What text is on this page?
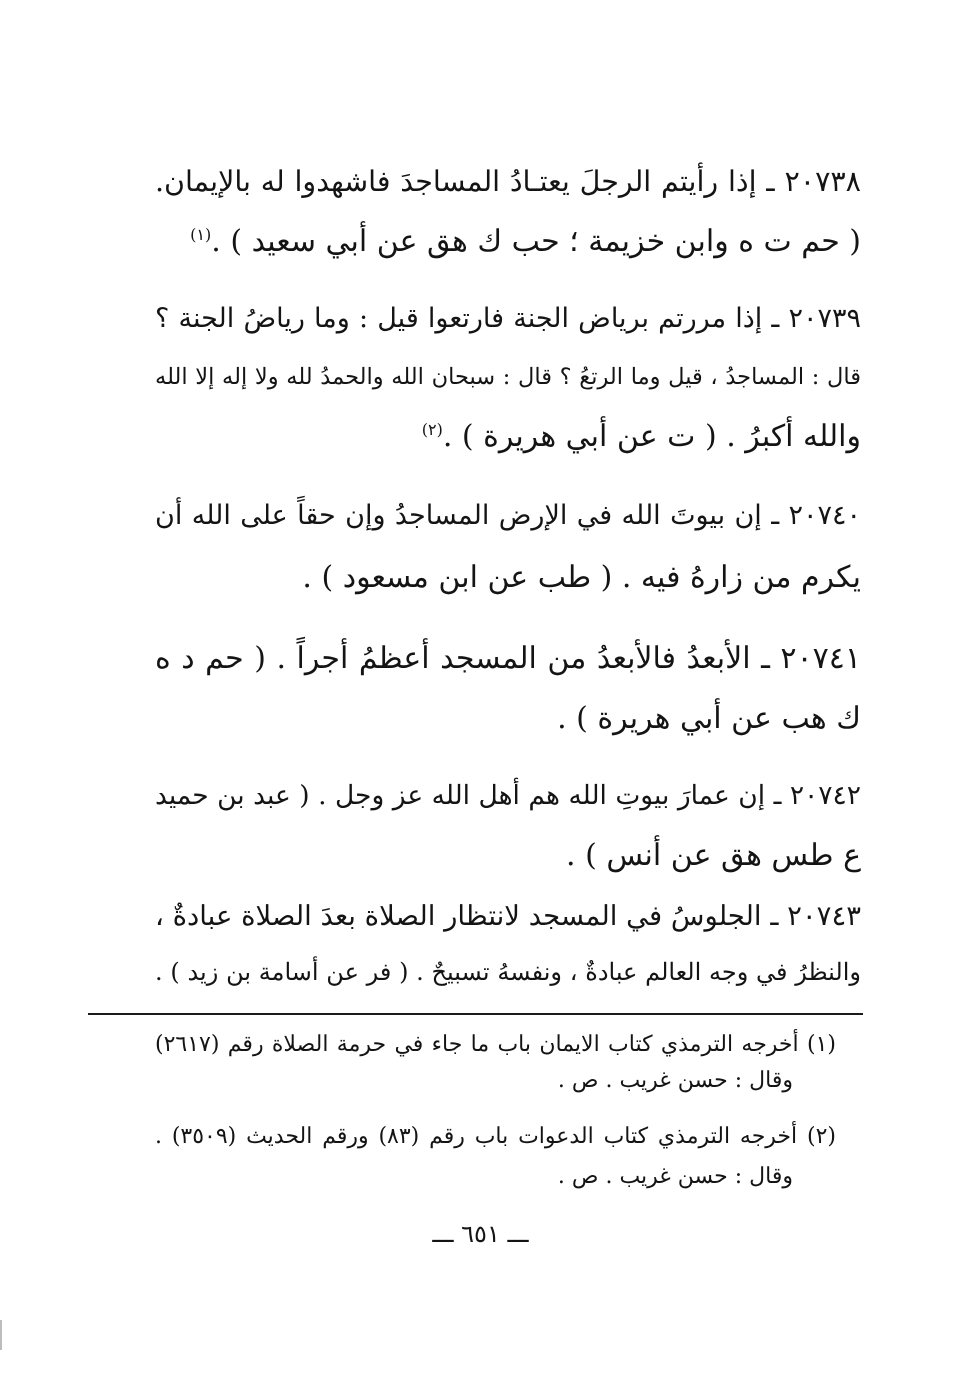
٢٠٧٣٨ ـ إذا رأيتم الرجلَ يعتـادُ المساجدَ فاشهدوا له بالإيمان.
( حم ت ه وابن خزيمة ؛ حب ك هق عن أبي سعيد ) .$^{(١)}$
٢٠٧٣٩ ـ إذا مررتم برياض الجنة فارتعوا قيل : وما رياضُ الجنة ؟
قال : المساجدُ ، قيل وما الرتعُ ؟ قال : سبحان الله والحمدُ لله ولا إله إلا الله
والله أكبرُ . ( ت عن أبي هريرة ) .$^{(٢)}$
٢٠٧٤٠ ـ إن بيوتَ الله في الإرض المساجدُ وإن حقاً على الله أن
يكرم من زارهُ فيه . ( طب عن ابن مسعود ) .
٢٠٧٤١ ـ الأبعدُ فالأبعدُ من المسجد أعظمُ أجراً . ( حم د ه
ك هب عن أبي هريرة ) .
٢٠٧٤٢ ـ إن عمارَ بيوتِ الله هم أهل الله عز وجل . ( عبد بن حميد
ع طس هق عن أنس ) .
٢٠٧٤٣ ـ الجلوسُ في المسجد لانتظار الصلاة بعدَ الصلاة عبادةٌ ،
والنظرُ في وجه العالم عبادةٌ ، ونفسهُ تسبيحٌ . ( فر عن أسامة بن زيد ) .
(١) أخرجه الترمذي كتاب الايمان باب ما جاء في حرمة الصلاة رقم (٢٦١٧)
وقال : حسن غريب . ص .
(٢) أخرجه الترمذي كتاب الدعوات باب رقم (٨٣) ورقم الحديث (٣٥٠٩) .
وقال : حسن غريب . ص .
ـــ ٦٥١ ـــ
